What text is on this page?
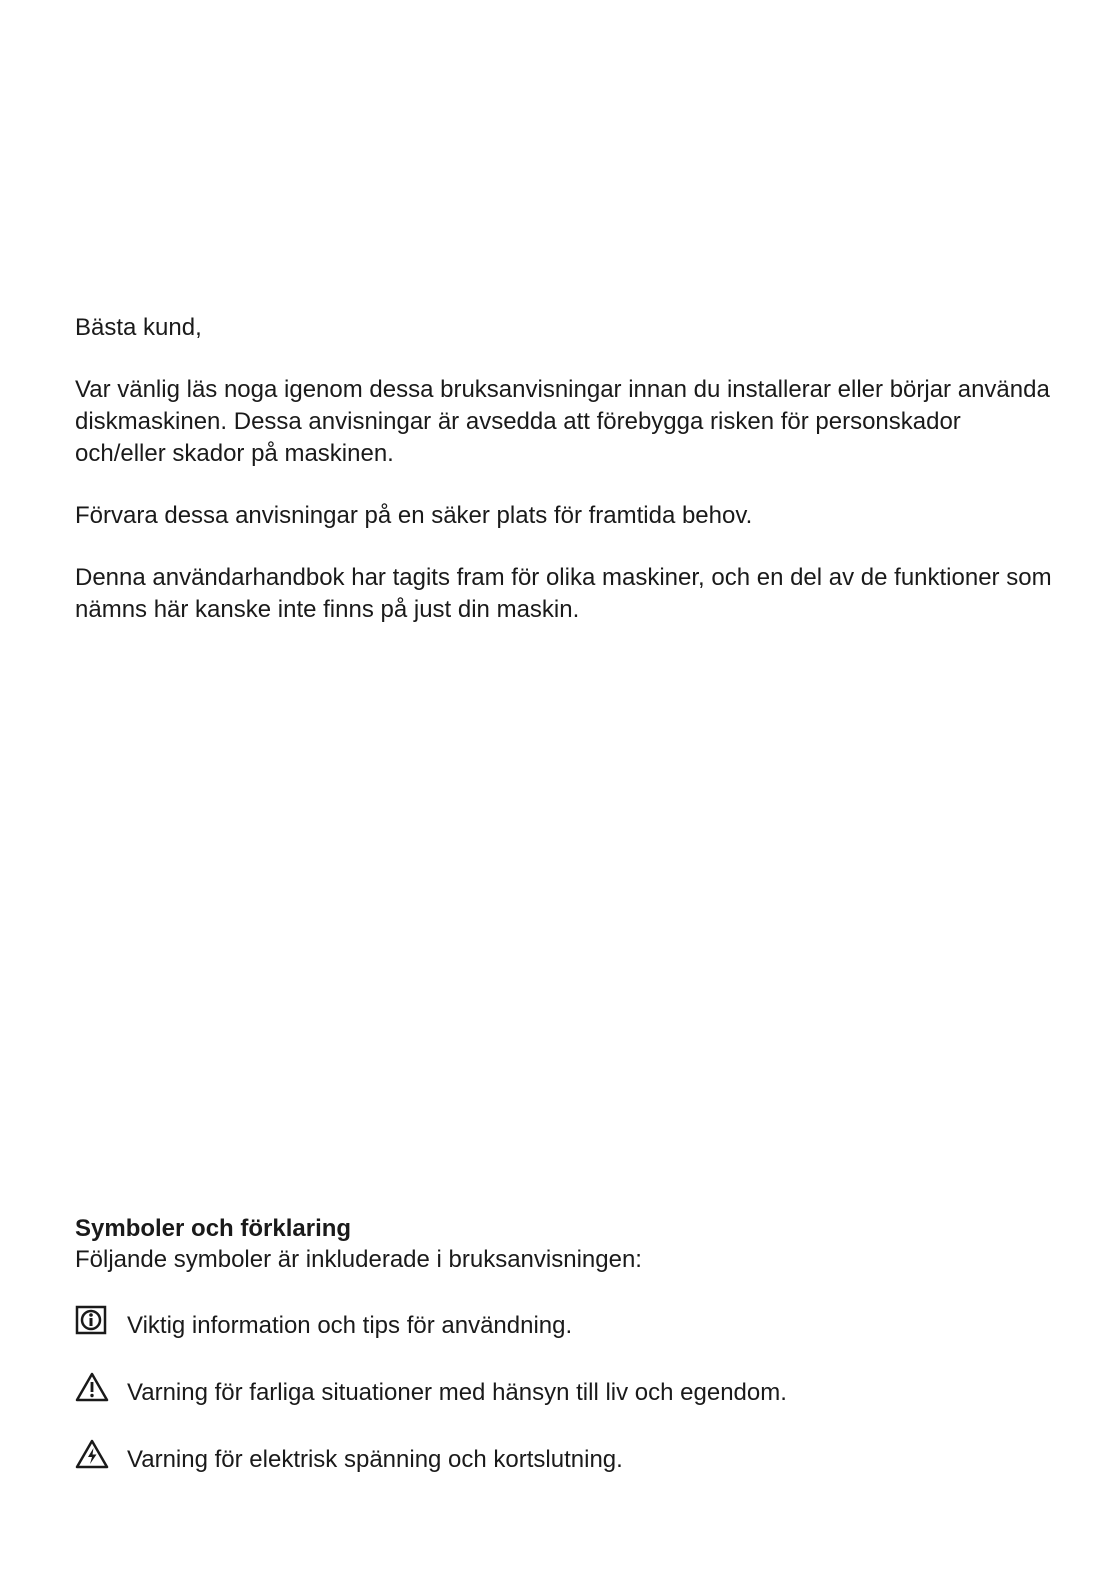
Bästa kund,

Var vänlig läs noga igenom dessa bruksanvisningar innan du installerar eller börjar använda diskmaskinen. Dessa anvisningar är avsedda att förebygga risken för personskador och/eller skador på maskinen.

Förvara dessa anvisningar på en säker plats för framtida behov.

Denna användarhandbok har tagits fram för olika maskiner, och en del av de funktioner som nämns här kanske inte finns på just din maskin.

Symboler och förklaring

Följande symboler är inkluderade i bruksanvisningen:

Viktig information och tips för användning.
Varning för farliga situationer med hänsyn till liv och egendom.
Varning för elektrisk spänning och kortslutning.
